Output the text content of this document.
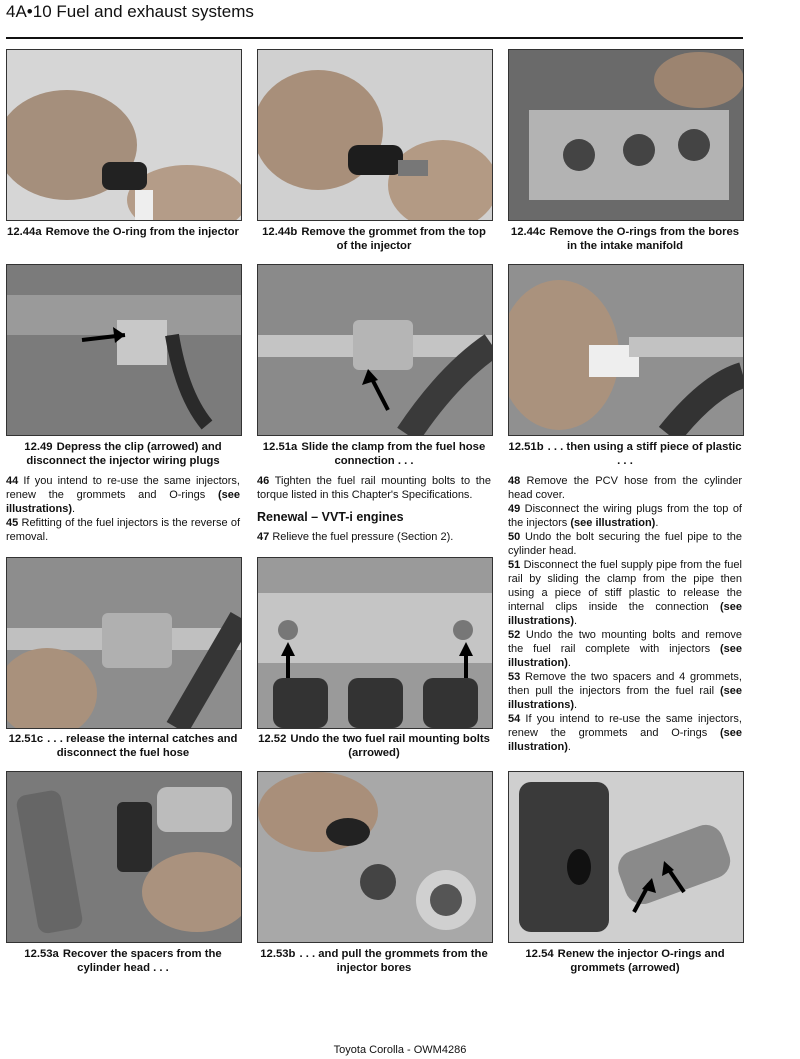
4A•10 Fuel and exhaust systems
12.44a Remove the O-ring from the injector	12.44b Remove the grommet from the top of the injector
12.44c Remove the O-rings from the bores in the intake manifold
12.49 Depress the clip (arrowed) and disconnect the injector wiring plugs
12.51a Slide the clamp from the fuel hose connection . . .
12.51b . . . then using a stiff piece of plastic . . .

44 If you intend to re-use the same injectors, renew the grommets and O-rings (see illustrations).

45 Refitting of the fuel injectors is the reverse of removal.

46 Tighten the fuel rail mounting bolts to the torque listed in this Chapter's Specifications.

Renewal – VVT-i engines

47 Relieve the fuel pressure (Section 2).

48 Remove the PCV hose from the cylinder head cover.

49 Disconnect the wiring plugs from the top of the injectors (see illustration).

50 Undo the bolt securing the fuel pipe to the cylinder head.

51 Disconnect the fuel supply pipe from the fuel rail by sliding the clamp from the pipe then using a piece of stiff plastic to release the internal clips inside the connection (see illustrations).

52 Undo the two mounting bolts and remove the fuel rail complete with injectors (see illustration).

53 Remove the two spacers and 4 grommets, then pull the injectors from the fuel rail (see illustrations).

54 If you intend to re-use the same injectors, renew the grommets and O-rings (see illustration).

12.51c . . . release the internal catches and disconnect the fuel hose
12.52 Undo the two fuel rail mounting bolts (arrowed)
12.53a Recover the spacers from the cylinder head . . .
12.53b . . . and pull the grommets from the injector bores
12.54 Renew the injector O-rings and grommets (arrowed)
Toyota Corolla - OWM4286
